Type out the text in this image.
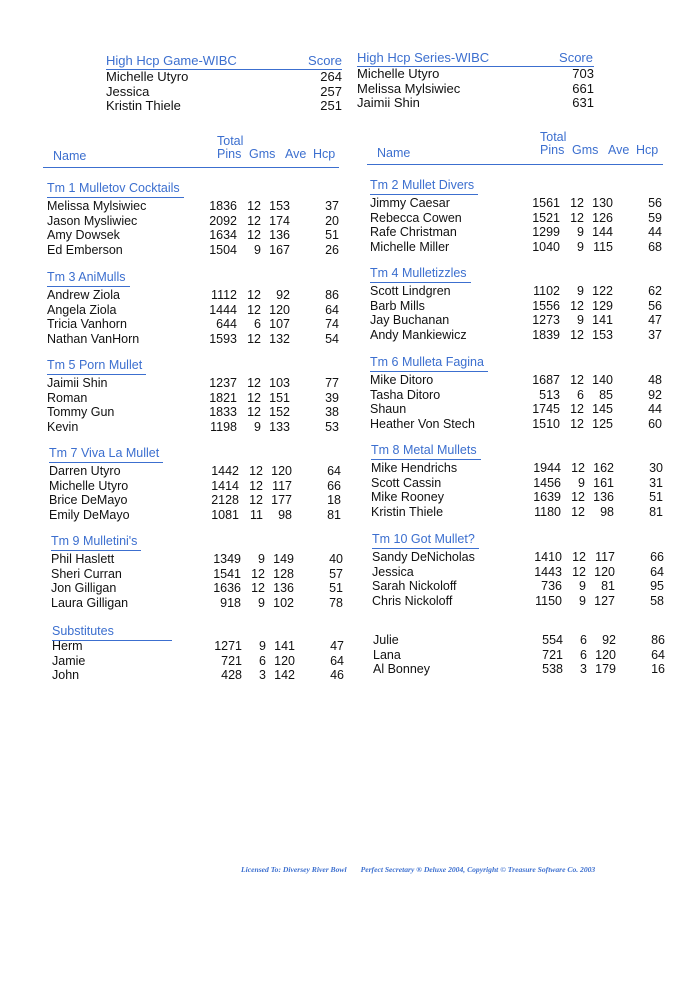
High Hcp Game-WIBC	Score
Michelle Utyro	264
Jessica	257
Kristin Thiele	251
High Hcp Series-WIBC	Score
Michelle Utyro	703
Melissa Mylsiwiec	661
Jaimii Shin	631
Name
Total
Pins Gms Ave Hcp	Name
Total
Pins Gms Ave Hcp
Tm 1 Mulletov Cocktails
Melissa Mylsiwiec	1836 12 153	37
Jason Mysliwiec	2092 12 174	20
Amy Dowsek	1634 12 136	51
Ed Emberson	1504 9 167	26
Tm 2 Mullet Divers
Jimmy Caesar	1561 12 130	56
Rebecca Cowen	1521 12 126	59
Rafe Christman	1299 9 144	44
Michelle Miller	1040 9 115	68
Tm 3 AniMulls
Andrew Ziola	1112 12 92	86
Angela Ziola	1444 12 120	64
Tricia Vanhorn	644 6 107	74
Nathan VanHorn	1593 12 132	54
Tm 4 Mulletizzles
Scott Lindgren	1102 9 122	62
Barb Mills	1556 12 129	56
Jay Buchanan	1273 9 141	47
Andy Mankiewicz	1839 12 153	37
Tm 5 Porn Mullet
Jaimii Shin	1237 12 103	77
Roman	1821 12 151	39
Tommy Gun	1833 12 152	38
Kevin	1198 9 133	53
Tm 6 Mulleta Fagina
Mike Ditoro	1687 12 140	48
Tasha Ditoro	513 6 85	92
Shaun	1745 12 145	44
Heather Von Stech	1510 12 125	60
Tm 7 Viva La Mullet
Darren Utyro	1442 12 120	64
Michelle Utyro	1414 12 117	66
Brice DeMayo	2128 12 177	18
Emily DeMayo	1081 11 98	81
Tm 8 Metal Mullets
Mike Hendrichs	1944 12 162	30
Scott Cassin	1456 9 161	31
Mike Rooney	1639 12 136	51
Kristin Thiele	1180 12 98	81
Tm 9 Mulletini's
Phil Haslett	1349 9 149	40
Sheri Curran	1541 12 128	57
Jon Gilligan	1636 12 136	51
Laura Gilligan	918 9 102	78
Tm 10 Got Mullet?
Sandy DeNicholas	1410 12 117	66
Jessica	1443 12 120	64
Sarah Nickoloff	736 9 81	95
Chris Nickoloff	1150 9 127	58
Substitutes
Herm	1271 9 141	47
Jamie	721 6 120	64
John	428 3 142	46
Julie	554 6 92	86
Lana	721 6 120	64
Al Bonney	538 3 179	16
Licensed To: Diversey River Bowl Perfect Secretary ® Deluxe 2004, Copyright © Treasure Software Co. 2003
